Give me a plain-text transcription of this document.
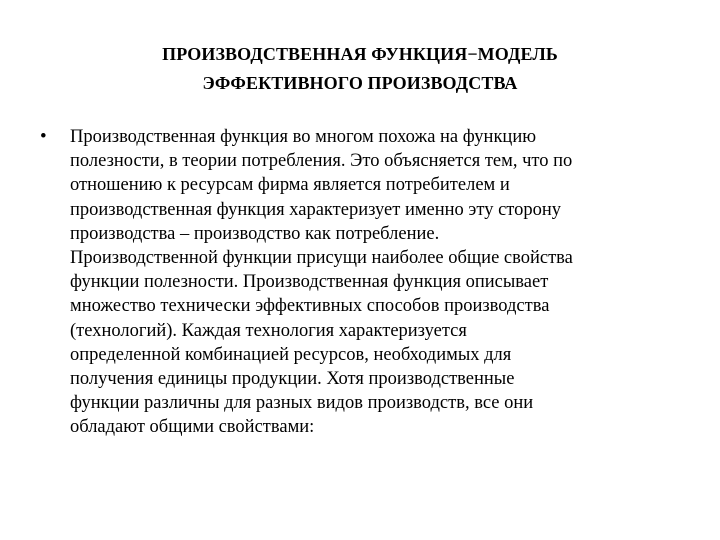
ПРОИЗВОДСТВЕННАЯ ФУНКЦИЯ−МОДЕЛЬ
ЭФФЕКТИВНОГО ПРОИЗВОДСТВА
• Производственная функция во многом похожа на функцию
полезности, в теории потребления. Это объясняется тем, что по
отношению к ресурсам фирма является потребителем и
производственная функция характеризует именно эту сторону
производства – производство как потребление.
Производственной функции присущи наиболее общие свойства
функции полезности. Производственная функция описывает
множество технически эффективных способов производства
(технологий). Каждая технология характеризуется
определенной комбинацией ресурсов, необходимых для
получения единицы продукции. Хотя производственные
функции различны для разных видов производств, все они
обладают общими свойствами:
